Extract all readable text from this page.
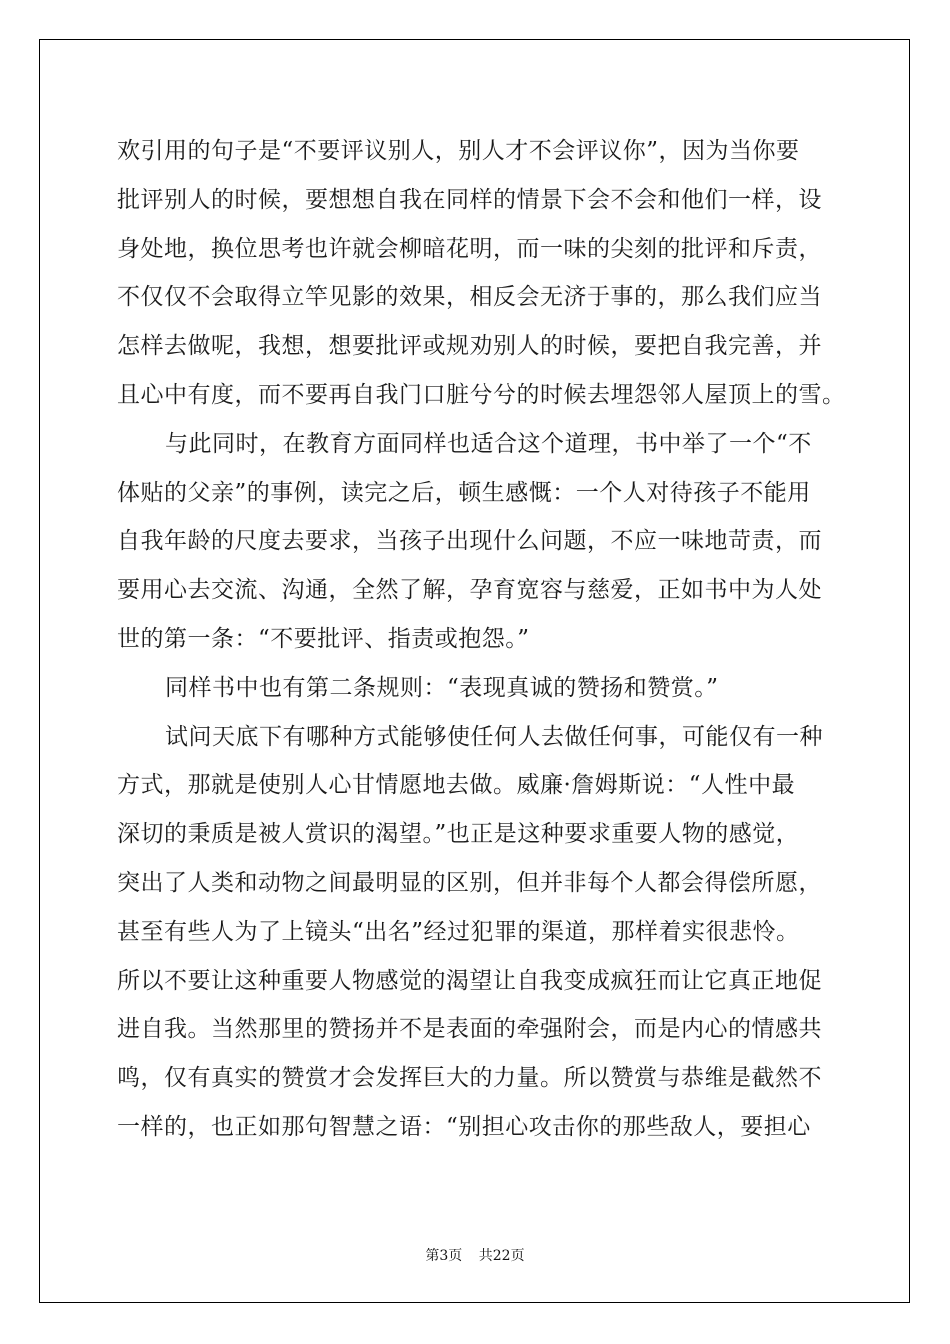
欢引用的句子是“不要评议别人，别人才不会评议你”，因为当你要
批评别人的时候，要想想自我在同样的情景下会不会和他们一样，设
身处地，换位思考也许就会柳暗花明，而一味的尖刻的批评和斥责，
不仅仅不会取得立竿见影的效果，相反会无济于事的，那么我们应当
怎样去做呢，我想，想要批评或规劝别人的时候，要把自我完善，并
且心中有度，而不要再自我门口脏兮兮的时候去埋怨邻人屋顶上的雪。
与此同时，在教育方面同样也适合这个道理，书中举了一个“不
体贴的父亲”的事例，读完之后，顿生感慨：一个人对待孩子不能用
自我年龄的尺度去要求，当孩子出现什么问题，不应一味地苛责，而
要用心去交流、沟通，全然了解，孕育宽容与慈爱，正如书中为人处
世的第一条：“不要批评、指责或抱怨。”
同样书中也有第二条规则：“表现真诚的赞扬和赞赏。”
试问天底下有哪种方式能够使任何人去做任何事，可能仅有一种
方式，那就是使别人心甘情愿地去做。威廉·詹姆斯说：“人性中最
深切的秉质是被人赏识的渴望。”也正是这种要求重要人物的感觉，
突出了人类和动物之间最明显的区别，但并非每个人都会得偿所愿，
甚至有些人为了上镜头“出名”经过犯罪的渠道，那样着实很悲怜。
所以不要让这种重要人物感觉的渴望让自我变成疯狂而让它真正地促
进自我。当然那里的赞扬并不是表面的牵强附会，而是内心的情感共
鸣，仅有真实的赞赏才会发挥巨大的力量。所以赞赏与恭维是截然不
一样的，也正如那句智慧之语：“别担心攻击你的那些敌人，要担心
第3页 共22页
